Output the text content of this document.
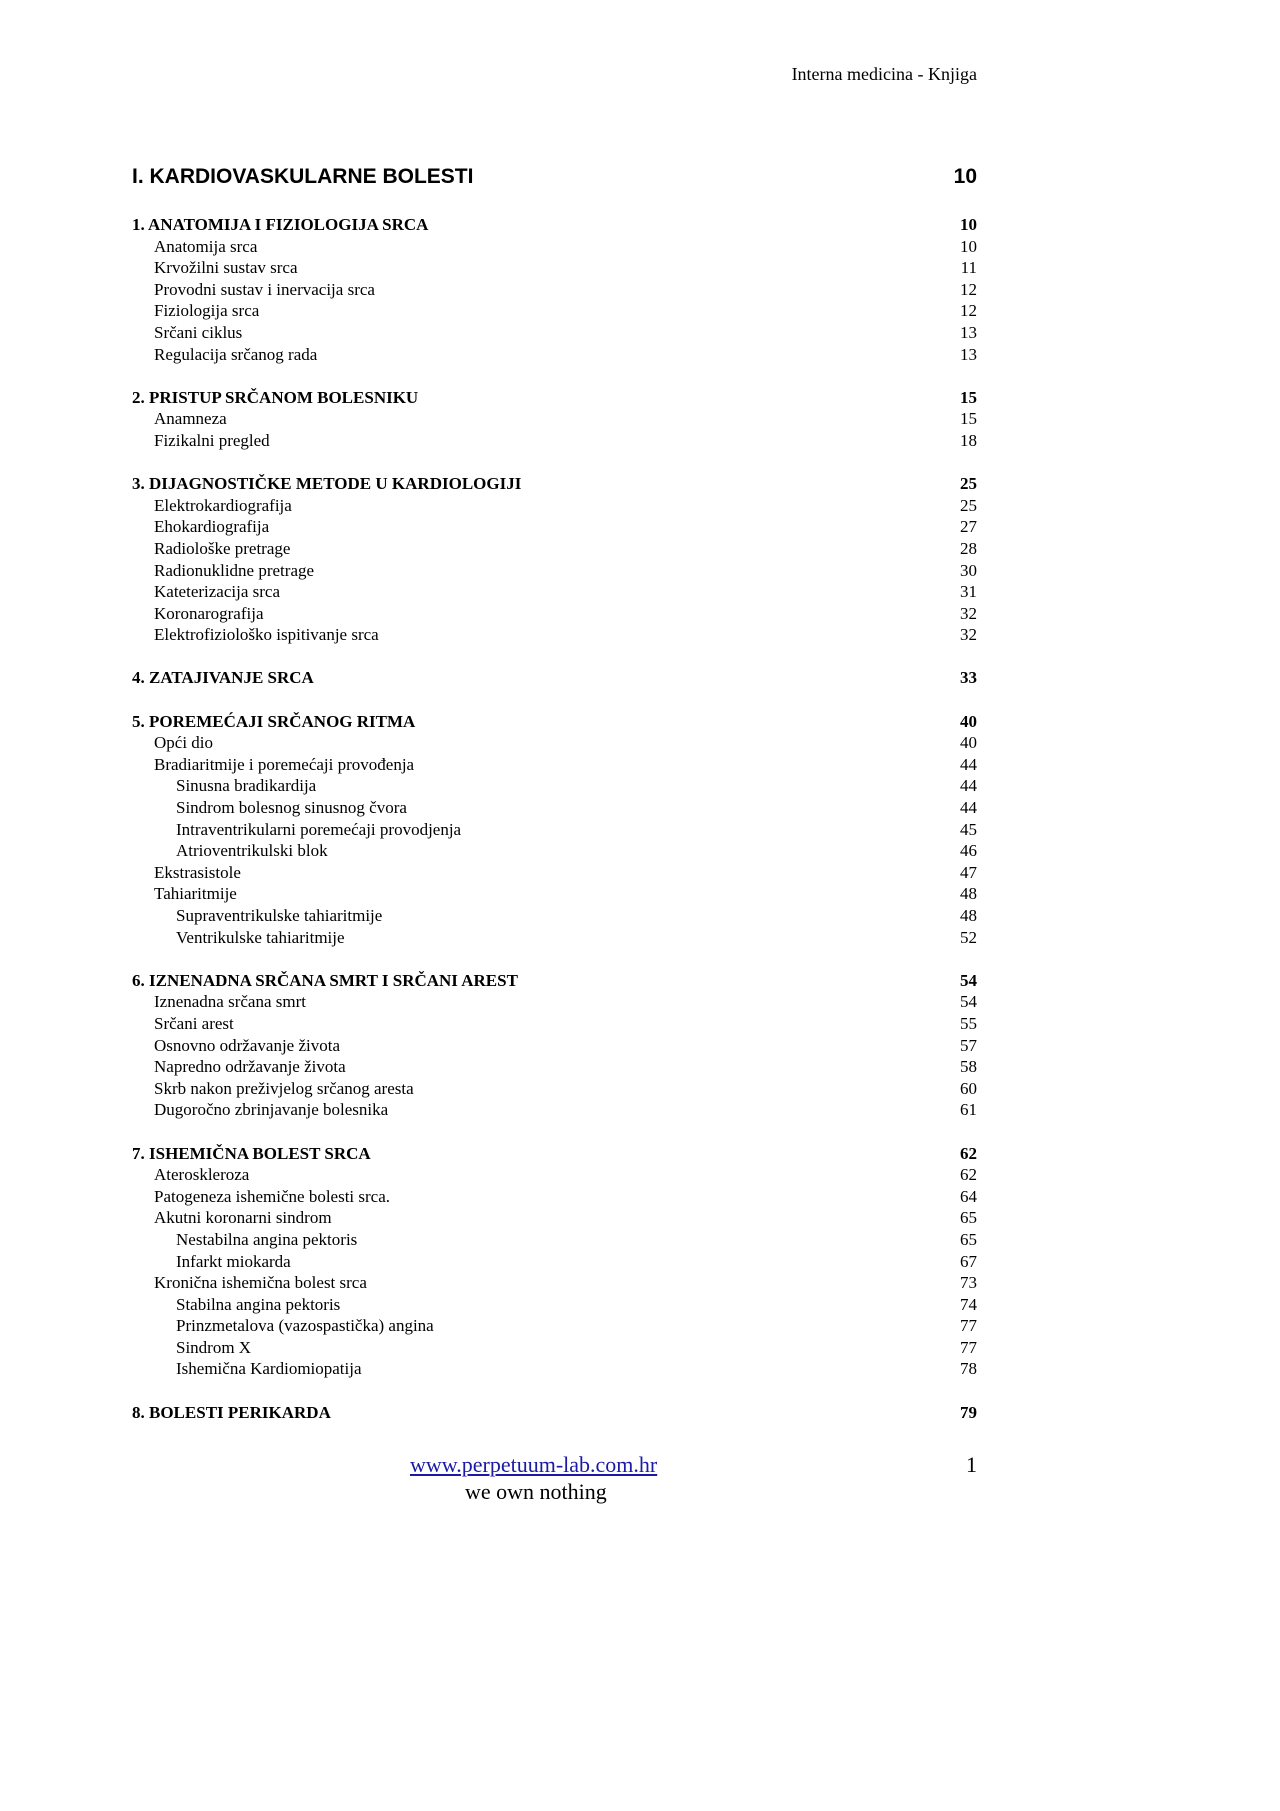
Interna medicina - Knjiga
I. KARDIOVASKULARNE BOLESTI	10
1. ANATOMIJA I FIZIOLOGIJA SRCA	10
Anatomija srca	10
Krvožilni sustav srca	11
Provodni sustav i inervacija srca	12
Fiziologija srca	12
Srčani ciklus	13
Regulacija srčanog rada	13
2. PRISTUP SRČANOM BOLESNIKU	15
Anamneza	15
Fizikalni pregled	18
3. DIJAGNOSTIČKE METODE U KARDIOLOGIJI	25
Elektrokardiografija	25
Ehokardiografija	27
Radiološke pretrage	28
Radionuklidne pretrage	30
Kateterizacija srca	31
Koronarografija	32
Elektrofiziološko ispitivanje srca	32
4. ZATAJIVANJE SRCA	33
5. POREMEĆAJI SRČANOG RITMA	40
Opći dio	40
Bradiaritmije i poremećaji provođenja	44
Sinusna bradikardija	44
Sindrom bolesnog sinusnog čvora	44
Intraventrikularni poremećaji provodjenja	45
Atrioventrikulski blok	46
Ekstrasistole	47
Tahiaritmije	48
Supraventrikulske tahiaritmije	48
Ventrikulske tahiaritmije	52
6. IZNENADNA SRČANA SMRT I SRČANI AREST	54
Iznenadna srčana smrt	54
Srčani arest	55
Osnovno održavanje života	57
Napredno održavanje života	58
Skrb nakon preživjelog srčanog aresta	60
Dugoročno zbrinjavanje bolesnika	61
7. ISHEMIČNA BOLEST SRCA	62
Ateroskleroza	62
Patogeneza ishemične bolesti srca.	64
Akutni koronarni sindrom	65
Nestabilna angina pektoris	65
Infarkt miokarda	67
Kronična ishemična bolest srca	73
Stabilna angina pektoris	74
Prinzmetalova (vazospastička) angina	77
Sindrom X	77
Ishemična Kardiomiopatija	78
8. BOLESTI PERIKARDA	79
www.perpetuum-lab.com.hr
we own nothing
1
